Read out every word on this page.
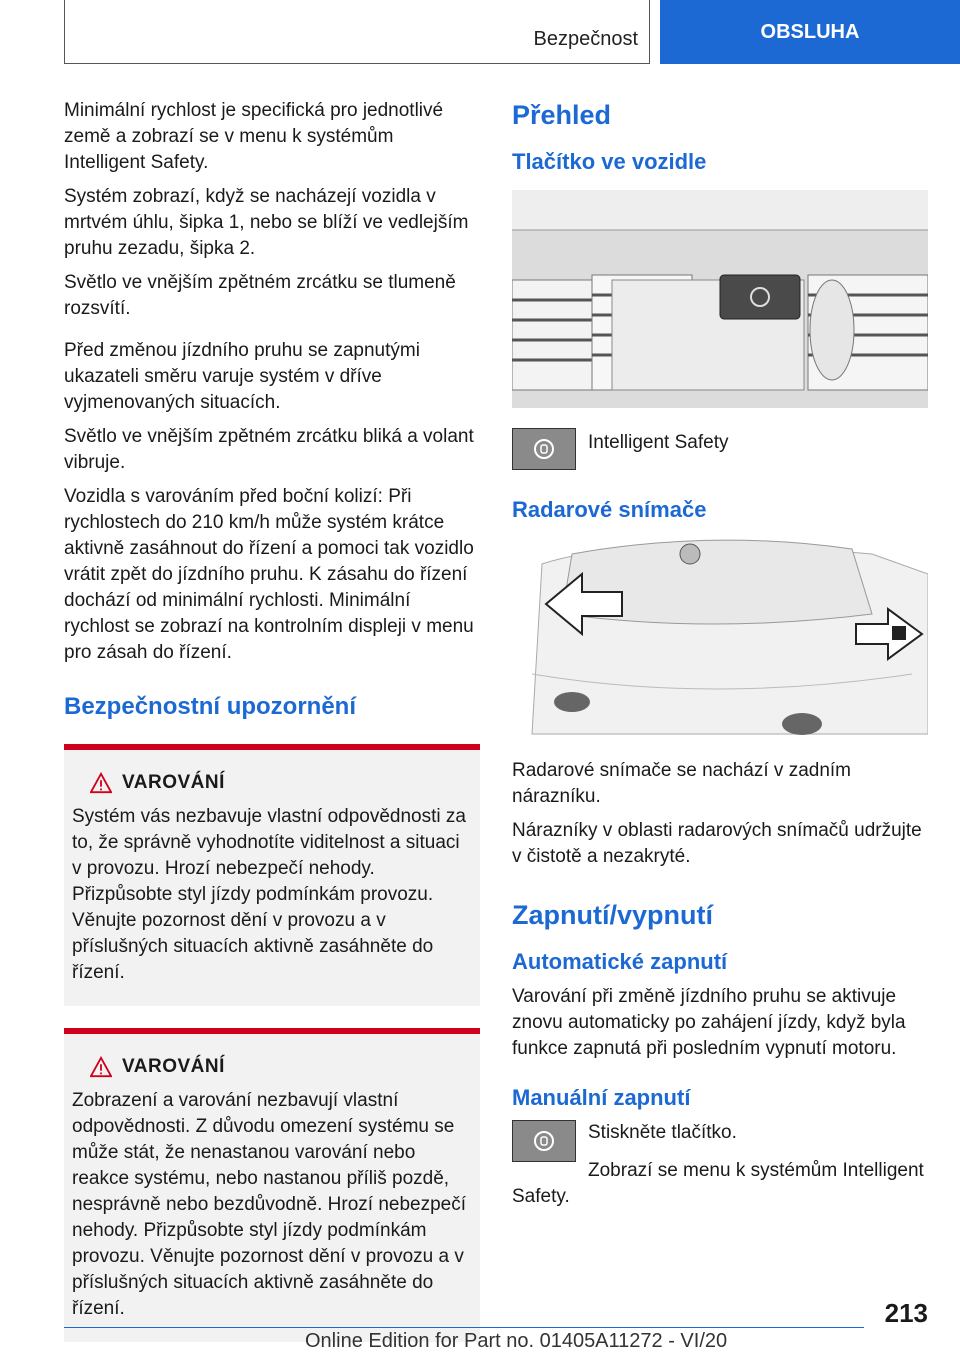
Bezpečnost	OBSLUHA

Minimální rychlost je specifická pro jednotlivé země a zobrazí se v menu k systémům Intelligent Safety.

Systém zobrazí, když se nacházejí vozidla v mrtvém úhlu, šipka 1, nebo se blíží ve vedlejším pruhu zezadu, šipka 2.

Světlo ve vnějším zpětném zrcátku se tlumeně rozsvítí.

Před změnou jízdního pruhu se zapnutými ukazateli směru varuje systém v dříve vyjmenovaných situacích.

Světlo ve vnějším zpětném zrcátku bliká a volant vibruje.

Vozidla s varováním před boční kolizí: Při rychlostech do 210 km/h může systém krátce aktivně zasáhnout do řízení a pomoci tak vozidlo vrátit zpět do jízdního pruhu. K zásahu do řízení dochází od minimální rychlosti. Minimální rychlost se zobrazí na kontrolním displeji v menu pro zásah do řízení.

Bezpečnostní upozornění
VAROVÁNÍ

Systém vás nezbavuje vlastní odpovědnosti za to, že správně vyhodnotíte viditelnost a situaci v provozu. Hrozí nebezpečí nehody. Přizpůsobte styl jízdy podmínkám provozu. Věnujte pozornost dění v provozu a v příslušných situacích aktivně zasáhněte do řízení.

VAROVÁNÍ

Zobrazení a varování nezbavují vlastní odpovědnosti. Z důvodu omezení systému se může stát, že nenastanou varování nebo reakce systému, nebo nastanou příliš pozdě, nesprávně nebo bezdůvodně. Hrozí nebezpečí nehody. Přizpůsobte styl jízdy podmínkám provozu. Věnujte pozornost dění v provozu a v příslušných situacích aktivně zasáhněte do řízení.

Přehled
Tlačítko ve vozidle

Intelligent Safety

Radarové snímače

Radarové snímače se nachází v zadním nárazníku.

Nárazníky v oblasti radarových snímačů udržujte v čistotě a nezakryté.

Zapnutí/vypnutí
Automatické zapnutí

Varování při změně jízdního pruhu se aktivuje znovu automaticky po zahájení jízdy, když byla funkce zapnutá při posledním vypnutí motoru.

Manuální zapnutí

Stiskněte tlačítko.

Zobrazí se menu k systémům Intelligent Safety.

213
Online Edition for Part no. 01405A11272 - VI/20
